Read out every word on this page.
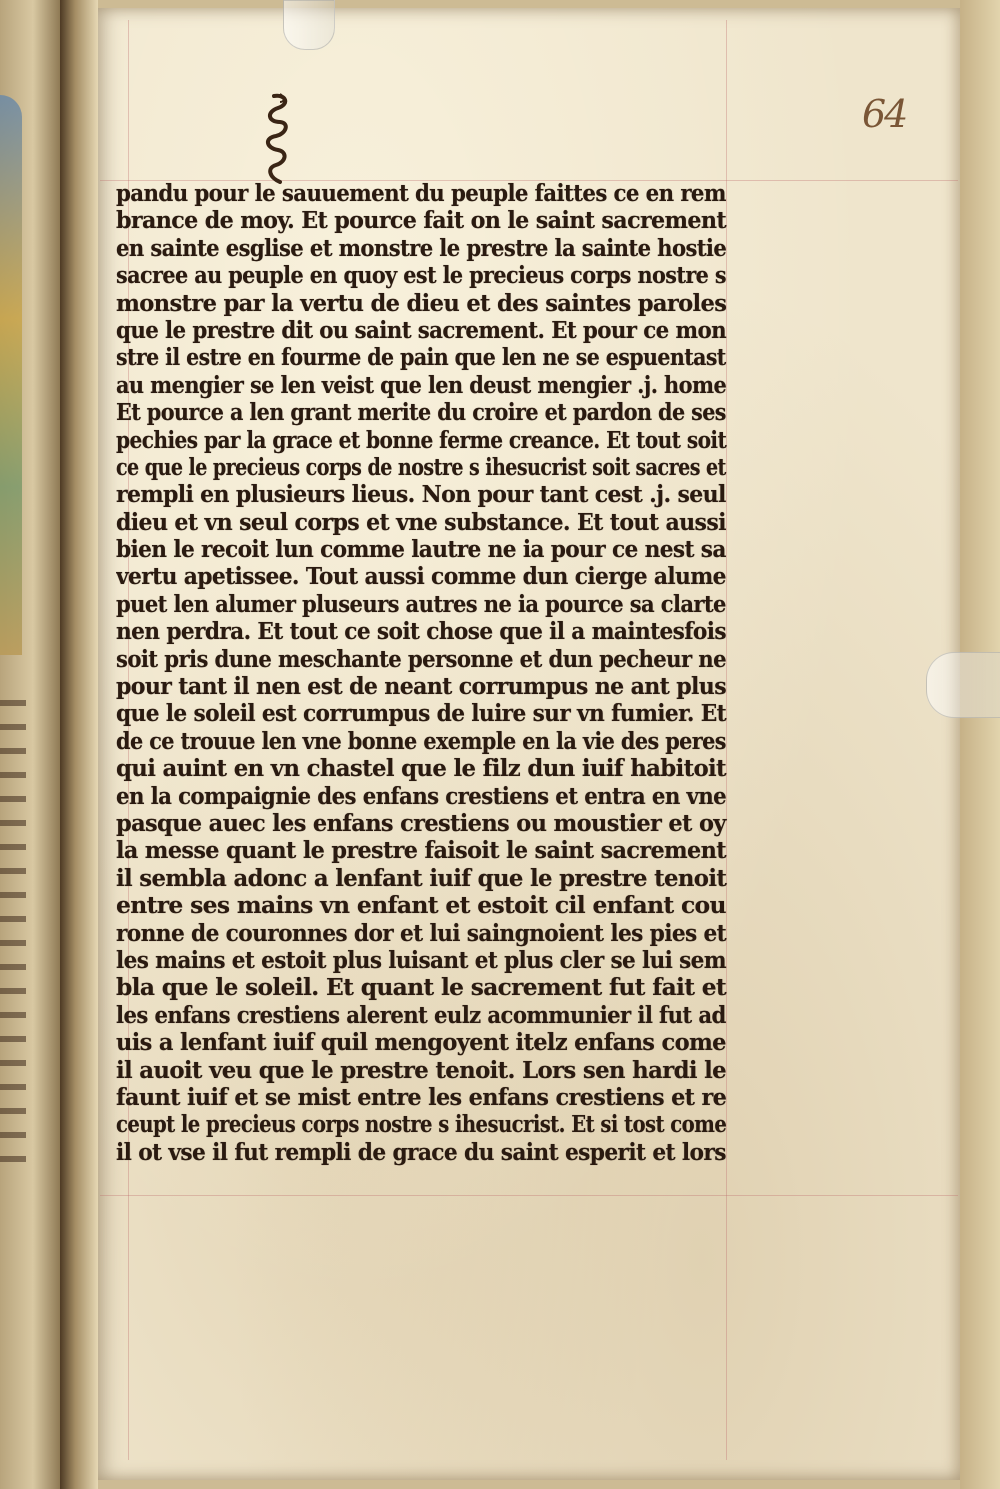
64
pandu pour le sauuement du peuple faittes ce en rem
brance de moy. Et pource fait on le saint sacrement
en sainte esglise et monstre le prestre la sainte hostie
sacree au peuple en quoy est le precieus corps nostre s
monstre par la vertu de dieu et des saintes paroles
que le prestre dit ou saint sacrement. Et pour ce mon
stre il estre en fourme de pain que len ne se espuentast
au mengier se len veist que len deust mengier .j. home
Et pource a len grant merite du croire et pardon de ses
pechies par la grace et bonne ferme creance. Et tout soit
ce que le precieus corps de nostre s ihesucrist soit sacres et
rempli en plusieurs lieus. Non pour tant cest .j. seul
dieu et vn seul corps et vne substance. Et tout aussi
bien le recoit lun comme lautre ne ia pour ce nest sa
vertu apetissee. Tout aussi comme dun cierge alume
puet len alumer pluseurs autres ne ia pource sa clarte
nen perdra. Et tout ce soit chose que il a maintesfois
soit pris dune meschante personne et dun pecheur ne
pour tant il nen est de neant corrumpus ne ant plus
que le soleil est corrumpus de luire sur vn fumier. Et
de ce trouue len vne bonne exemple en la vie des peres
qui auint en vn chastel que le filz dun iuif habitoit
en la compaignie des enfans crestiens et entra en vne
pasque auec les enfans crestiens ou moustier et oy
la messe quant le prestre faisoit le saint sacrement
il sembla adonc a lenfant iuif que le prestre tenoit
entre ses mains vn enfant et estoit cil enfant cou
ronne de couronnes dor et lui saingnoient les pies et
les mains et estoit plus luisant et plus cler se lui sem
bla que le soleil. Et quant le sacrement fut fait et
les enfans crestiens alerent eulz acommunier il fut ad
uis a lenfant iuif quil mengoyent itelz enfans come
il auoit veu que le prestre tenoit. Lors sen hardi le
faunt iuif et se mist entre les enfans crestiens et re
ceupt le precieus corps nostre s ihesucrist. Et si tost come
il ot vse il fut rempli de grace du saint esperit et lors
